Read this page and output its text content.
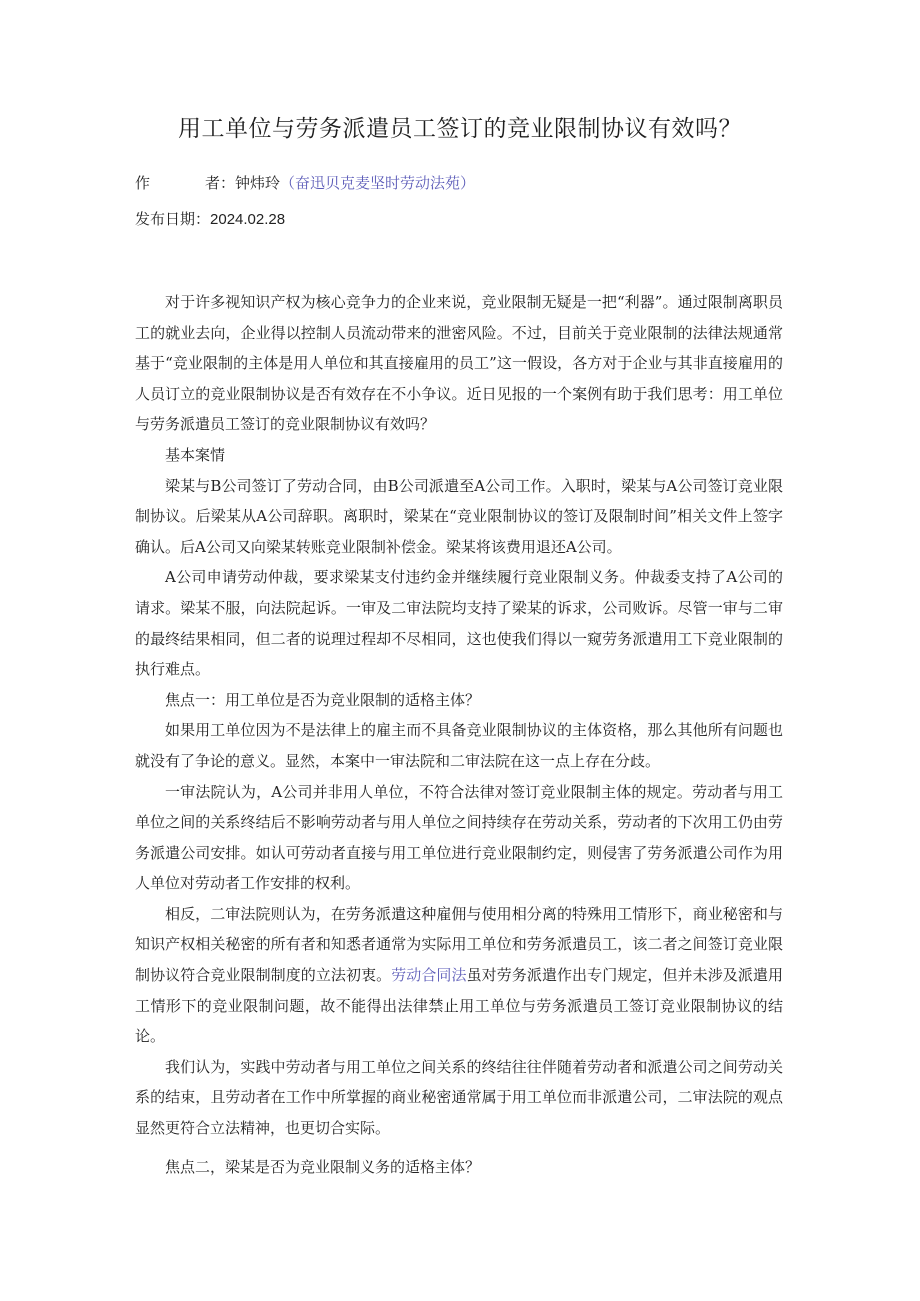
用工单位与劳务派遣员工签订的竞业限制协议有效吗？
作	者：钟炜玲（奋迅贝克麦坚时劳动法苑）
发布日期：2024.02.28

对于许多视知识产权为核心竞争力的企业来说，竞业限制无疑是一把“利器”。通过限制离职员工的就业去向，企业得以控制人员流动带来的泄密风险。不过，目前关于竞业限制的法律法规通常基于“竞业限制的主体是用人单位和其直接雇用的员工”这一假设，各方对于企业与其非直接雇用的人员订立的竞业限制协议是否有效存在不小争议。近日见报的一个案例有助于我们思考：用工单位与劳务派遣员工签订的竞业限制协议有效吗？

基本案情

梁某与B公司签订了劳动合同，由B公司派遣至A公司工作。入职时，梁某与A公司签订竞业限制协议。后梁某从A公司辞职。离职时，梁某在“竞业限制协议的签订及限制时间”相关文件上签字确认。后A公司又向梁某转账竞业限制补偿金。梁某将该费用退还A公司。

A公司申请劳动仲裁，要求梁某支付违约金并继续履行竞业限制义务。仲裁委支持了A公司的请求。梁某不服，向法院起诉。一审及二审法院均支持了梁某的诉求，公司败诉。尽管一审与二审的最终结果相同，但二者的说理过程却不尽相同，这也使我们得以一窥劳务派遣用工下竞业限制的执行难点。

焦点一：用工单位是否为竞业限制的适格主体？

如果用工单位因为不是法律上的雇主而不具备竞业限制协议的主体资格，那么其他所有问题也就没有了争论的意义。显然，本案中一审法院和二审法院在这一点上存在分歧。

一审法院认为，A公司并非用人单位，不符合法律对签订竞业限制主体的规定。劳动者与用工单位之间的关系终结后不影响劳动者与用人单位之间持续存在劳动关系，劳动者的下次用工仍由劳务派遣公司安排。如认可劳动者直接与用工单位进行竞业限制约定，则侵害了劳务派遣公司作为用人单位对劳动者工作安排的权利。

相反，二审法院则认为，在劳务派遣这种雇佣与使用相分离的特殊用工情形下，商业秘密和与知识产权相关秘密的所有者和知悉者通常为实际用工单位和劳务派遣员工，该二者之间签订竞业限制协议符合竞业限制制度的立法初衷。劳动合同法虽对劳务派遣作出专门规定，但并未涉及派遣用工情形下的竞业限制问题，故不能得出法律禁止用工单位与劳务派遣员工签订竞业限制协议的结论。

我们认为，实践中劳动者与用工单位之间关系的终结往往伴随着劳动者和派遣公司之间劳动关系的结束，且劳动者在工作中所掌握的商业秘密通常属于用工单位而非派遣公司，二审法院的观点显然更符合立法精神，也更切合实际。

焦点二，梁某是否为竞业限制义务的适格主体？
